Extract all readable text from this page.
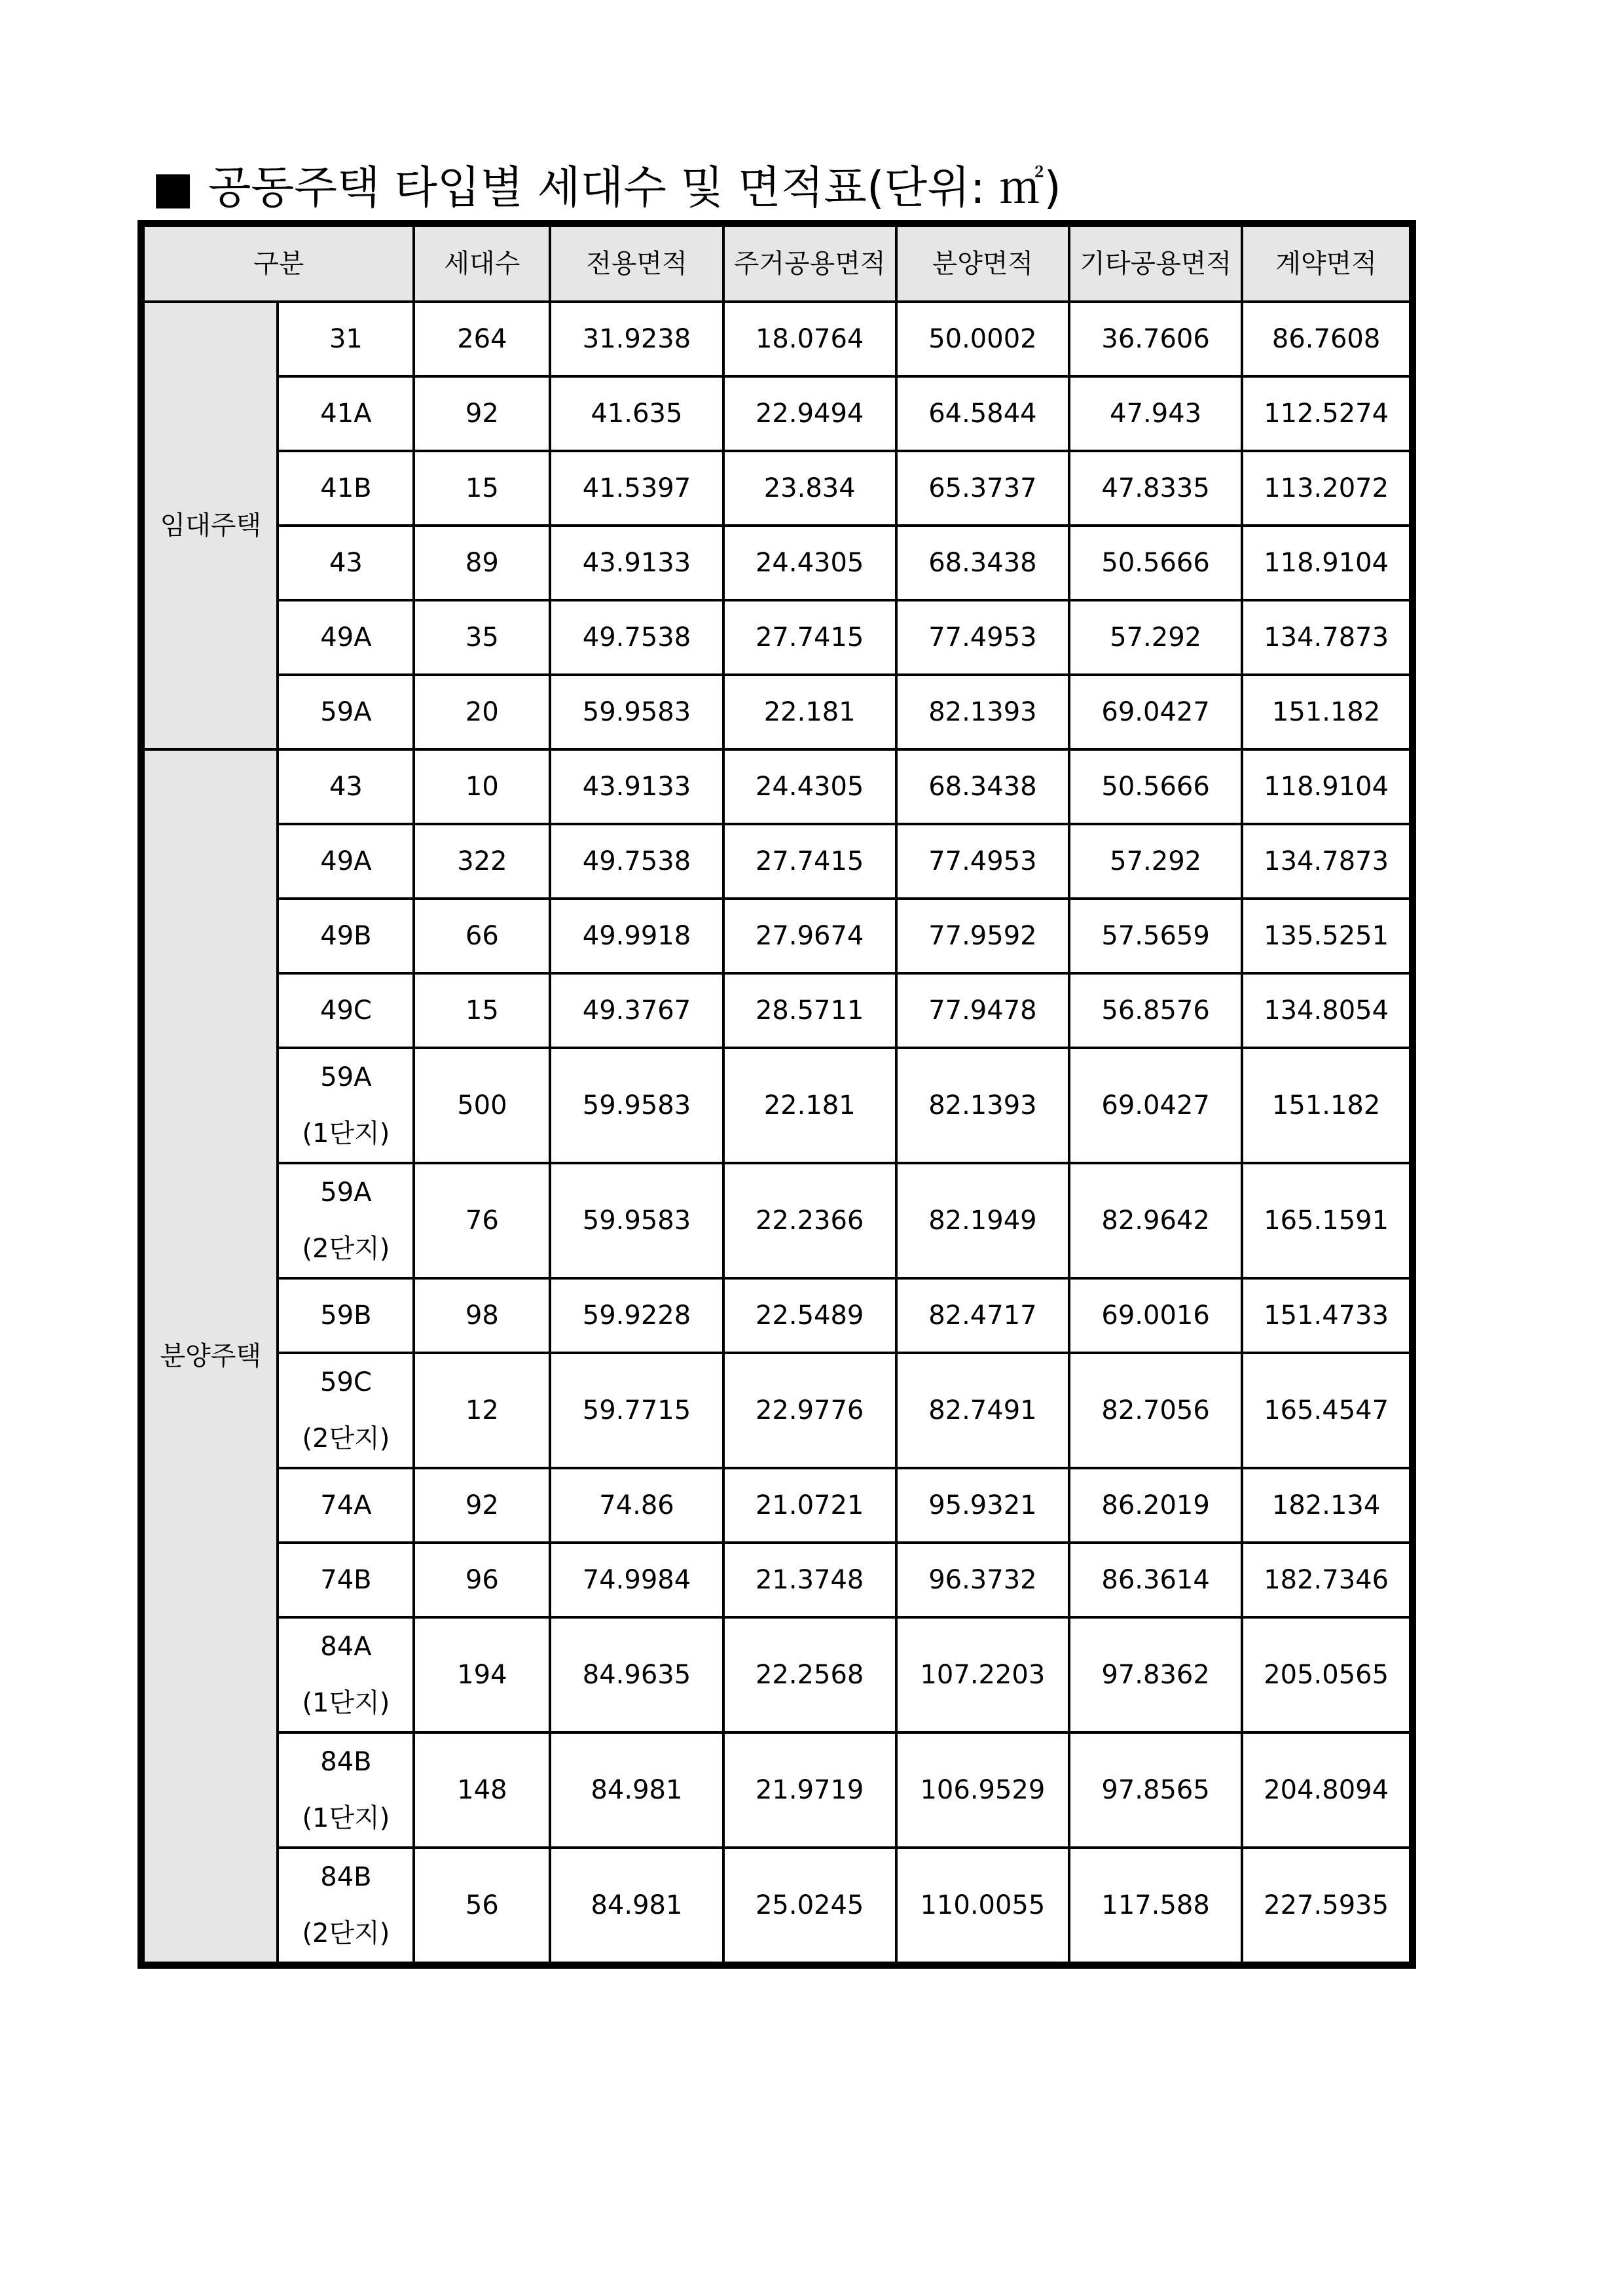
■ 공동주택 타입별 세대수 및 면적표(단위: ㎡)
구분		세대수	전용면적	주거공용면적	분양면적	기타공용면적	계약면적
임대주택	31	264	31.9238	18.0764	50.0002	36.7606	86.7608

	41A	92	41.635	22.9494	64.5844	47.943	112.5274

	41B	15	41.5397	23.834	65.3737	47.8335	113.2072

	43	89	43.9133	24.4305	68.3438	50.5666	118.9104

	49A	35	49.7538	27.7415	77.4953	57.292	134.7873

	59A	20	59.9583	22.181	82.1393	69.0427	151.182
분양주택	43	10	43.9133	24.4305	68.3438	50.5666	118.9104

	49A	322	49.7538	27.7415	77.4953	57.292	134.7873

	49B	66	49.9918	27.9674	77.9592	57.5659	135.5251

	49C	15	49.3767	28.5711	77.9478	56.8576	134.8054

	59A
(1단지)	500	59.9583	22.181	82.1393	69.0427	151.182

	59A
(2단지)	76	59.9583	22.2366	82.1949	82.9642	165.1591

	59B	98	59.9228	22.5489	82.4717	69.0016	151.4733

	59C
(2단지)	12	59.7715	22.9776	82.7491	82.7056	165.4547

	74A	92	74.86	21.0721	95.9321	86.2019	182.134

	74B	96	74.9984	21.3748	96.3732	86.3614	182.7346

	84A
(1단지)	194	84.9635	22.2568	107.2203	97.8362	205.0565

	84B
(1단지)	148	84.981	21.9719	106.9529	97.8565	204.8094

	84B
(2단지)	56	84.981	25.0245	110.0055	117.588	227.5935
